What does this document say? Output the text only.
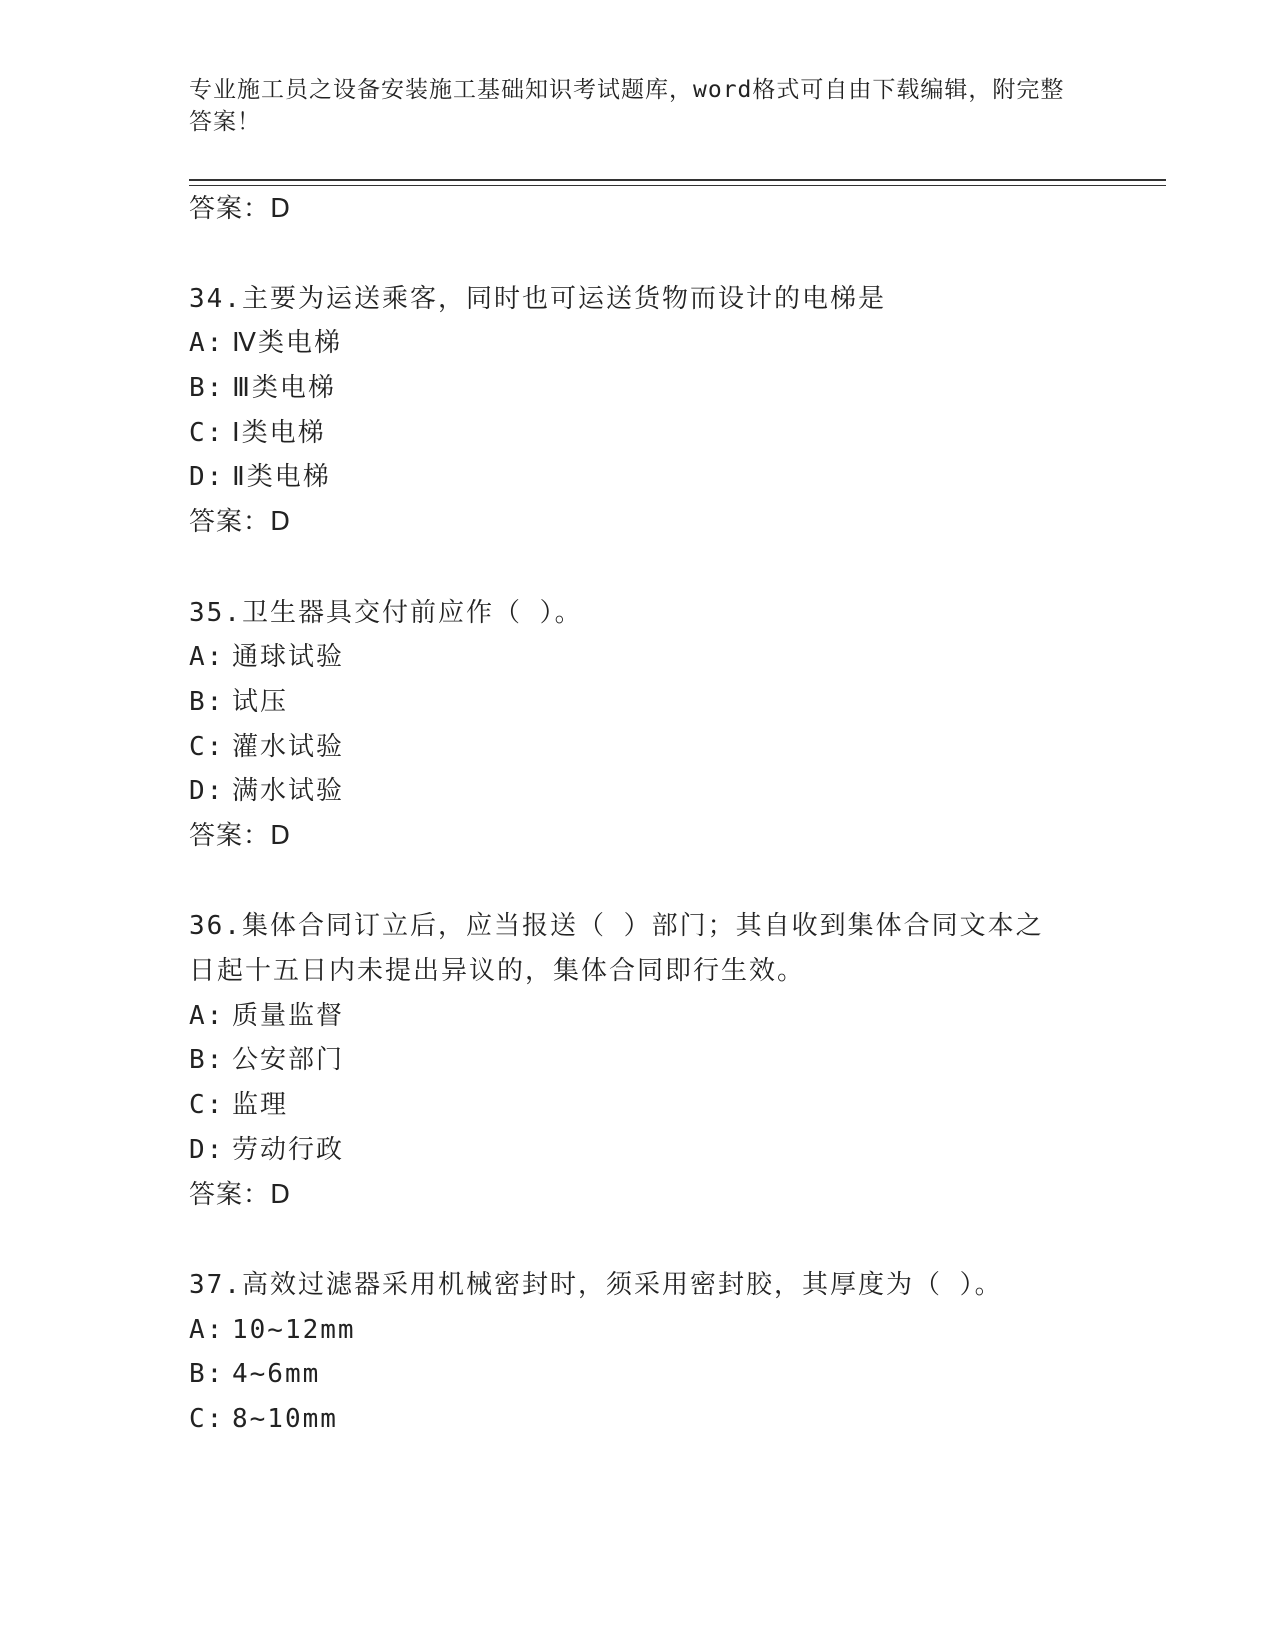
专业施工员之设备安装施工基础知识考试题库，word格式可自由下载编辑，附完整答案！
答案：D
34.主要为运送乘客，同时也可运送货物而设计的电梯是
A: Ⅳ类电梯
B: Ⅲ类电梯
C: Ⅰ类电梯
D: Ⅱ类电梯
答案：D
35.卫生器具交付前应作（ ）。
A: 通球试验
B: 试压
C: 灌水试验
D: 满水试验
答案：D
36.集体合同订立后，应当报送（ ）部门；其自收到集体合同文本之
日起十五日内未提出异议的，集体合同即行生效。
A: 质量监督
B: 公安部门
C: 监理
D: 劳动行政
答案：D
37.高效过滤器采用机械密封时，须采用密封胶，其厚度为（ ）。
A: 10~12mm
B: 4~6mm
C: 8~10mm
